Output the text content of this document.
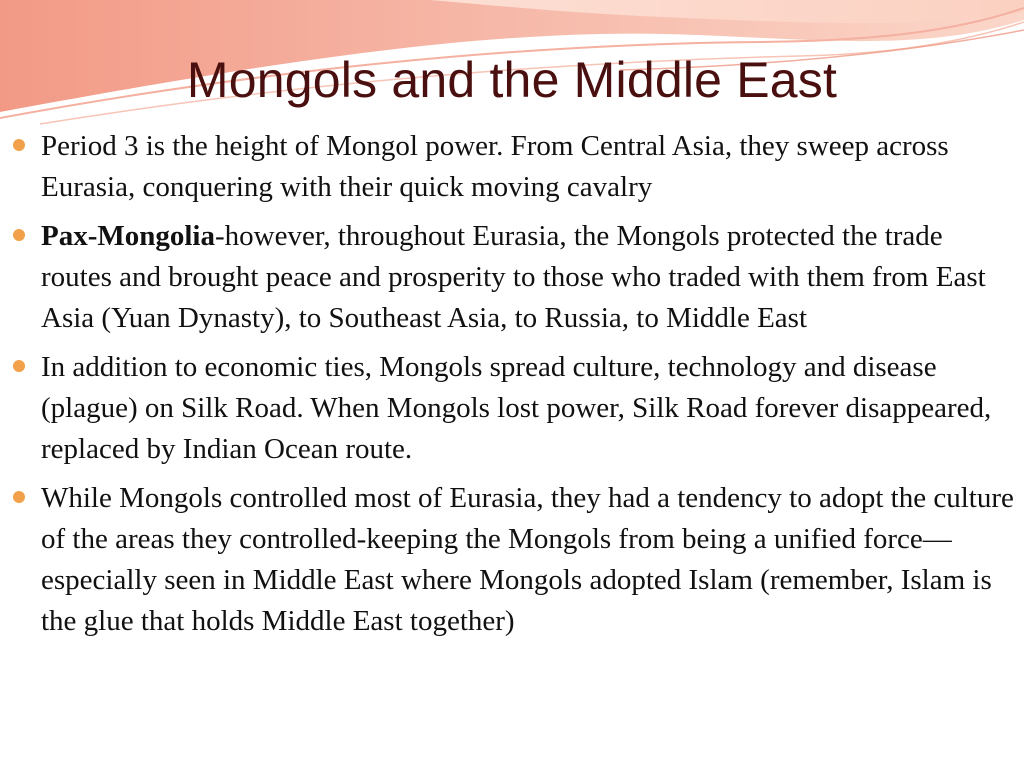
Mongols and the Middle East
Period 3 is the height of Mongol power. From Central Asia, they sweep across Eurasia, conquering with their quick moving cavalry
Pax-Mongolia-however, throughout Eurasia, the Mongols protected the trade routes and brought peace and prosperity to those who traded with them from East Asia (Yuan Dynasty), to Southeast Asia, to Russia, to Middle East
In addition to economic ties, Mongols spread culture, technology and disease (plague) on Silk Road. When Mongols lost power, Silk Road forever disappeared, replaced by Indian Ocean route.
While Mongols controlled most of Eurasia, they had a tendency to adopt the culture of the areas they controlled-keeping the Mongols from being a unified force—especially seen in Middle East where Mongols adopted Islam (remember, Islam is the glue that holds Middle East together)
